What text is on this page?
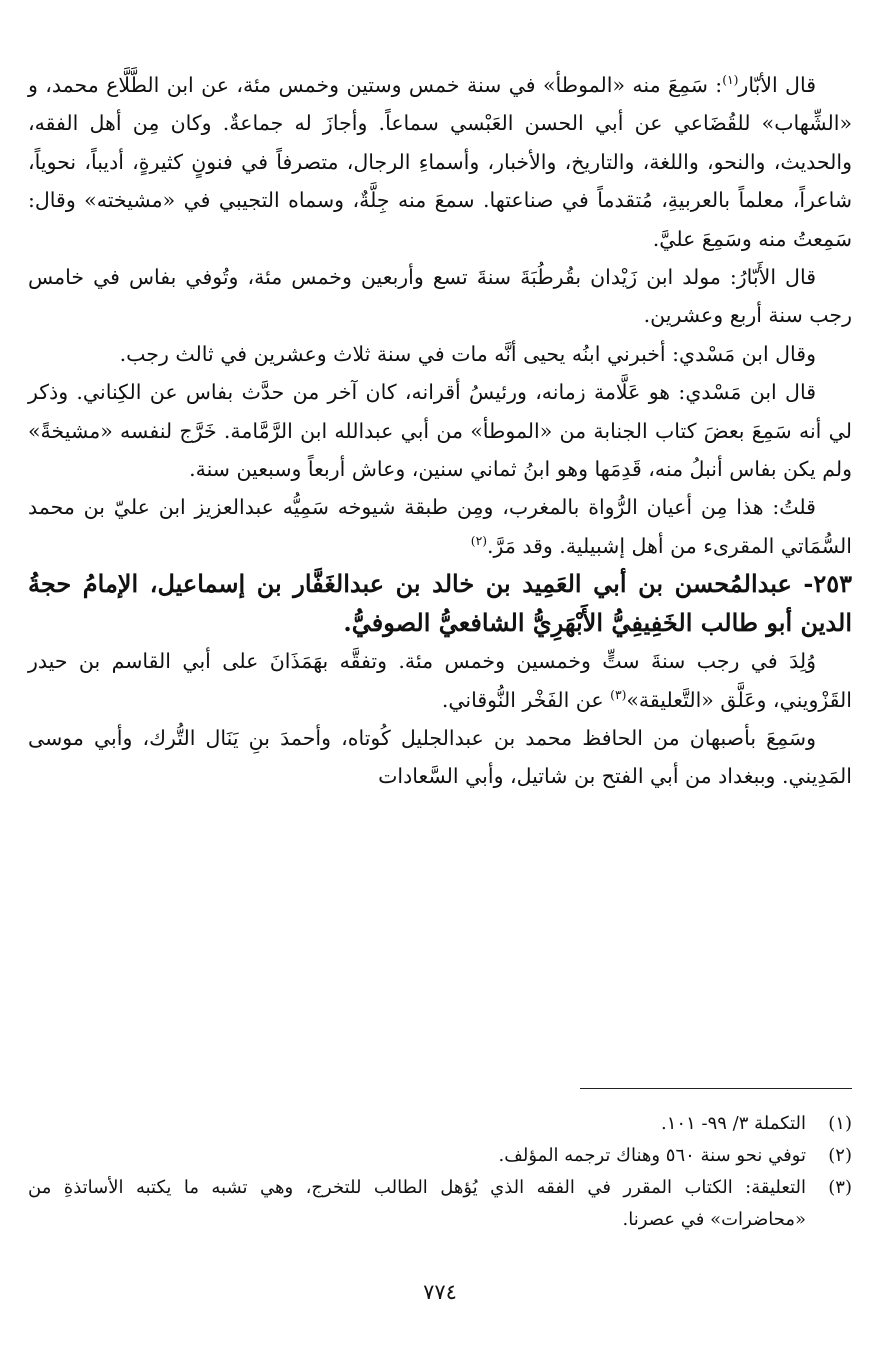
قال الأبّار$^{(١)}$: سَمِعَ منه «الموطأ» في سنة خمس وستين وخمس مئة، عن ابن الطَّلَّاع محمد، و «الشِّهاب» للقُضَاعي عن أبي الحسن العَبْسي سماعاً. وأجازَ له جماعةٌ. وكان مِن أهل الفقه، والحديث، والنحو، واللغة، والتاريخ، والأخبار، وأسماءِ الرجال، متصرفاً في فنونٍ كثيرةٍ، أديباً، نحوياً، شاعراً، معلماً بالعربيةِ، مُتقدماً في صناعتها. سمعَ منه جِلَّةٌ، وسماه التجيبي في «مشيخته» وقال: سَمِعتُ منه وسَمِعَ عليَّ.

قال الأَبّارُ: مولد ابن زَيْدان بقُرطُبَةَ سنةَ تسع وأربعين وخمس مئة، وتُوفي بفاس في خامس رجب سنة أربع وعشرين.

وقال ابن مَسْدي: أخبرني ابنُه يحيى أنَّه مات في سنة ثلاث وعشرين في ثالث رجب.

قال ابن مَسْدي: هو عَلَّامة زمانه، ورئيسُ أقرانه، كان آخر من حدَّث بفاس عن الكِناني. وذكر لي أنه سَمِعَ بعضَ كتاب الجنابة من «الموطأ» من أبي عبدالله ابن الرَّمَّامة. خَرَّج لنفسه «مشيخةً» ولم يكن بفاس أنبلُ منه، قَدِمَها وهو ابنُ ثماني سنين، وعاش أربعاً وسبعين سنة.

قلتُ: هذا مِن أعيان الرُّواة بالمغرب، ومِن طبقة شيوخه سَمِيُّه عبدالعزيز ابن عليّ بن محمد السُّمَاتي المقرىء من أهل إشبيلية. وقد مَرَّ.$^{(٢)}$

٢٥٣- عبدالمُحسن بن أبي العَمِيد بن خالد بن عبدالغَفَّار بن إسماعيل، الإمامُ حجةُ الدين أبو طالب الخَفِيفِيُّ الأَبْهَرِيُّ الشافعيُّ الصوفيُّ.

وُلِدَ في رجب سنةَ ستٍّ وخمسين وخمس مئة. وتفقَّه بهَمَذَانَ على أبي القاسم بن حيدر القَزْويني، وعَلَّق «التَّعليقة»$^{(٣)}$ عن الفَخْر النُّوقاني.

وسَمِعَ بأصبهان من الحافظ محمد بن عبدالجليل كُوتاه، وأحمدَ بنِ يَنَال التُّرك، وأبي موسى المَدِيني. وببغداد من أبي الفتح بن شاتيل، وأبي السَّعادات

(١)
التكملة ٣/ ٩٩- ١٠١.

(٢)
توفي نحو سنة ٥٦٠ وهناك ترجمه المؤلف.

(٣)
التعليقة: الكتاب المقرر في الفقه الذي يُؤهل الطالب للتخرج، وهي تشبه ما يكتبه الأساتذةِ من «محاضرات» في عصرنا.

٧٧٤
